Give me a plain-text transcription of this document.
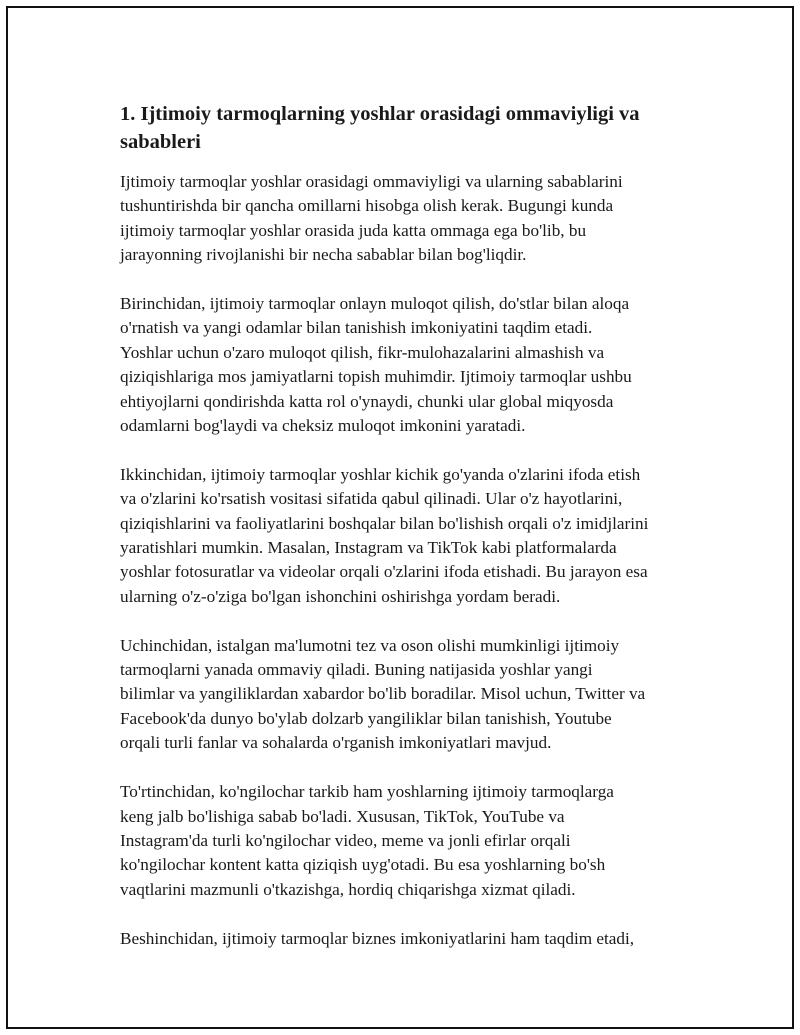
1. Ijtimoiy tarmoqlarning yoshlar orasidagi ommaviyligi va
sabableri

Ijtimoiy tarmoqlar yoshlar orasidagi ommaviyligi va ularning sabablarini
tushuntirishda bir qancha omillarni hisobga olish kerak. Bugungi kunda
ijtimoiy tarmoqlar yoshlar orasida juda katta ommaga ega bo'lib, bu
jarayonning rivojlanishi bir necha sabablar bilan bog'liqdir.

Birinchidan, ijtimoiy tarmoqlar onlayn muloqot qilish, do'stlar bilan aloqa
o'rnatish va yangi odamlar bilan tanishish imkoniyatini taqdim etadi.
Yoshlar uchun o'zaro muloqot qilish, fikr-mulohazalarini almashish va
qiziqishlariga mos jamiyatlarni topish muhimdir. Ijtimoiy tarmoqlar ushbu
ehtiyojlarni qondirishda katta rol o'ynaydi, chunki ular global miqyosda
odamlarni bog'laydi va cheksiz muloqot imkonini yaratadi.

Ikkinchidan, ijtimoiy tarmoqlar yoshlar kichik go'yanda o'zlarini ifoda etish
va o'zlarini ko'rsatish vositasi sifatida qabul qilinadi. Ular o'z hayotlarini,
qiziqishlarini va faoliyatlarini boshqalar bilan bo'lishish orqali o'z imidjlarini
yaratishlari mumkin. Masalan, Instagram va TikTok kabi platformalarda
yoshlar fotosuratlar va videolar orqali o'zlarini ifoda etishadi. Bu jarayon esa
ularning o'z-o'ziga bo'lgan ishonchini oshirishga yordam beradi.

Uchinchidan, istalgan ma'lumotni tez va oson olishi mumkinligi ijtimoiy
tarmoqlarni yanada ommaviy qiladi. Buning natijasida yoshlar yangi
bilimlar va yangiliklardan xabardor bo'lib boradilar. Misol uchun, Twitter va
Facebook'da dunyo bo'ylab dolzarb yangiliklar bilan tanishish, Youtube
orqali turli fanlar va sohalarda o'rganish imkoniyatlari mavjud.

To'rtinchidan, ko'ngilochar tarkib ham yoshlarning ijtimoiy tarmoqlarga
keng jalb bo'lishiga sabab bo'ladi. Xususan, TikTok, YouTube va
Instagram'da turli ko'ngilochar video, meme va jonli efirlar orqali
ko'ngilochar kontent katta qiziqish uyg'otadi. Bu esa yoshlarning bo'sh
vaqtlarini mazmunli o'tkazishga, hordiq chiqarishga xizmat qiladi.

Beshinchidan, ijtimoiy tarmoqlar biznes imkoniyatlarini ham taqdim etadi,
